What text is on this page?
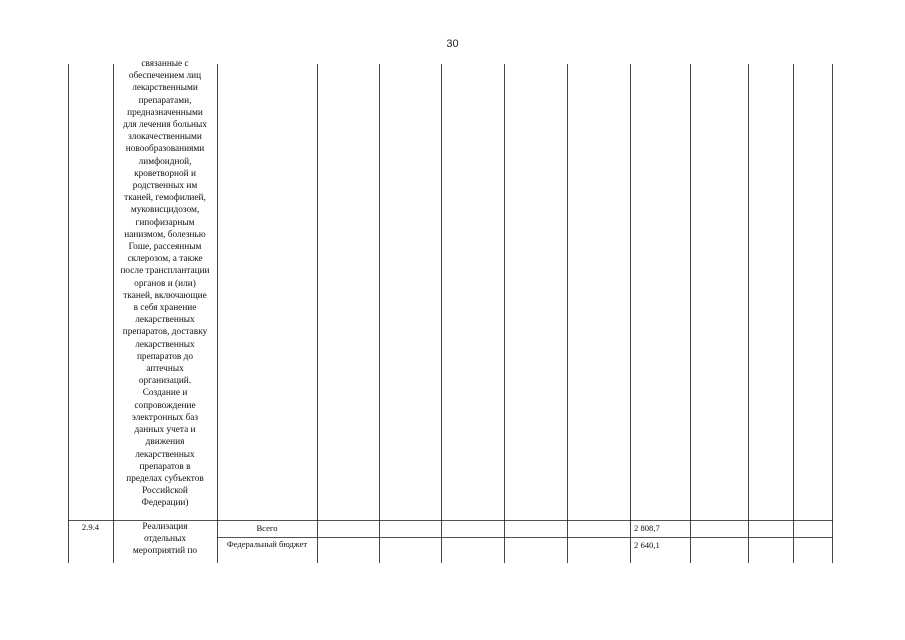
30
связанные с
обеспечением лиц
лекарственными
препаратами,
предназначенными
для лечения больных
злокачественными
новообразованиями
лимфоидной,
кроветворной и
родственных им
тканей, гемофилией,
муковисцидозом,
гипофизарным
нанизмом, болезнью
Гоше, рассеянным
склерозом, а также
после трансплантации
органов и (или)
тканей, включающие
в себя хранение
лекарственных
препаратов, доставку
лекарственных
препаратов до
аптечных
организаций.
Создание и
сопровождение
электронных баз
данных учета и
движения
лекарственных
препаратов в
пределах субъектов
Российской
Федерации)
2.9.4	Реализация
отдельных
мероприятий по
Всего
Федеральный бюджет
2 808,7
2 640,1
